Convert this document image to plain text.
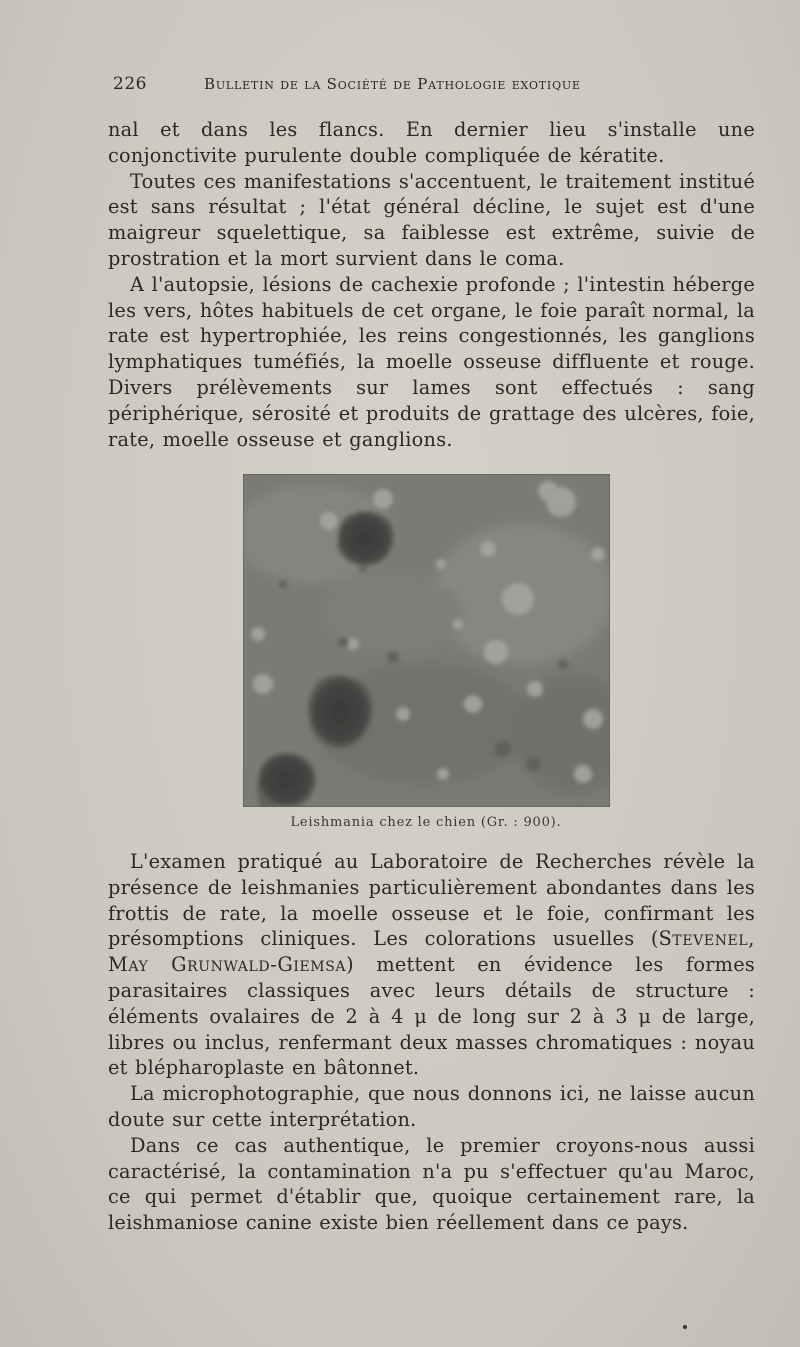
226	Bulletin de la Société de Pathologie exotique

nal et dans les flancs. En dernier lieu s'installe une conjonctivite purulente double compliquée de kératite.

Toutes ces manifestations s'accentuent, le traitement institué est sans résultat ; l'état général décline, le sujet est d'une maigreur squelettique, sa faiblesse est extrême, suivie de prostration et la mort survient dans le coma.

A l'autopsie, lésions de cachexie profonde ; l'intestin héberge les vers, hôtes habituels de cet organe, le foie paraît normal, la rate est hypertrophiée, les reins congestionnés, les ganglions lymphatiques tuméfiés, la moelle osseuse diffluente et rouge. Divers prélèvements sur lames sont effectués : sang périphérique, sérosité et produits de grattage des ulcères, foie, rate, moelle osseuse et ganglions.

Leishmania chez le chien (Gr. : 900).

L'examen pratiqué au Laboratoire de Recherches révèle la présence de leishmanies particulièrement abondantes dans les frottis de rate, la moelle osseuse et le foie, confirmant les présomptions cliniques. Les colorations usuelles (Stevenel, May Grunwald-Giemsa) mettent en évidence les formes parasitaires classiques avec leurs détails de structure : éléments ovalaires de 2 à 4 μ de long sur 2 à 3 μ de large, libres ou inclus, renfermant deux masses chromatiques : noyau et blépharoplaste en bâtonnet.

La microphotographie, que nous donnons ici, ne laisse aucun doute sur cette interprétation.

Dans ce cas authentique, le premier croyons-nous aussi caractérisé, la contamination n'a pu s'effectuer qu'au Maroc, ce qui permet d'établir que, quoique certainement rare, la leishmaniose canine existe bien réellement dans ce pays.
